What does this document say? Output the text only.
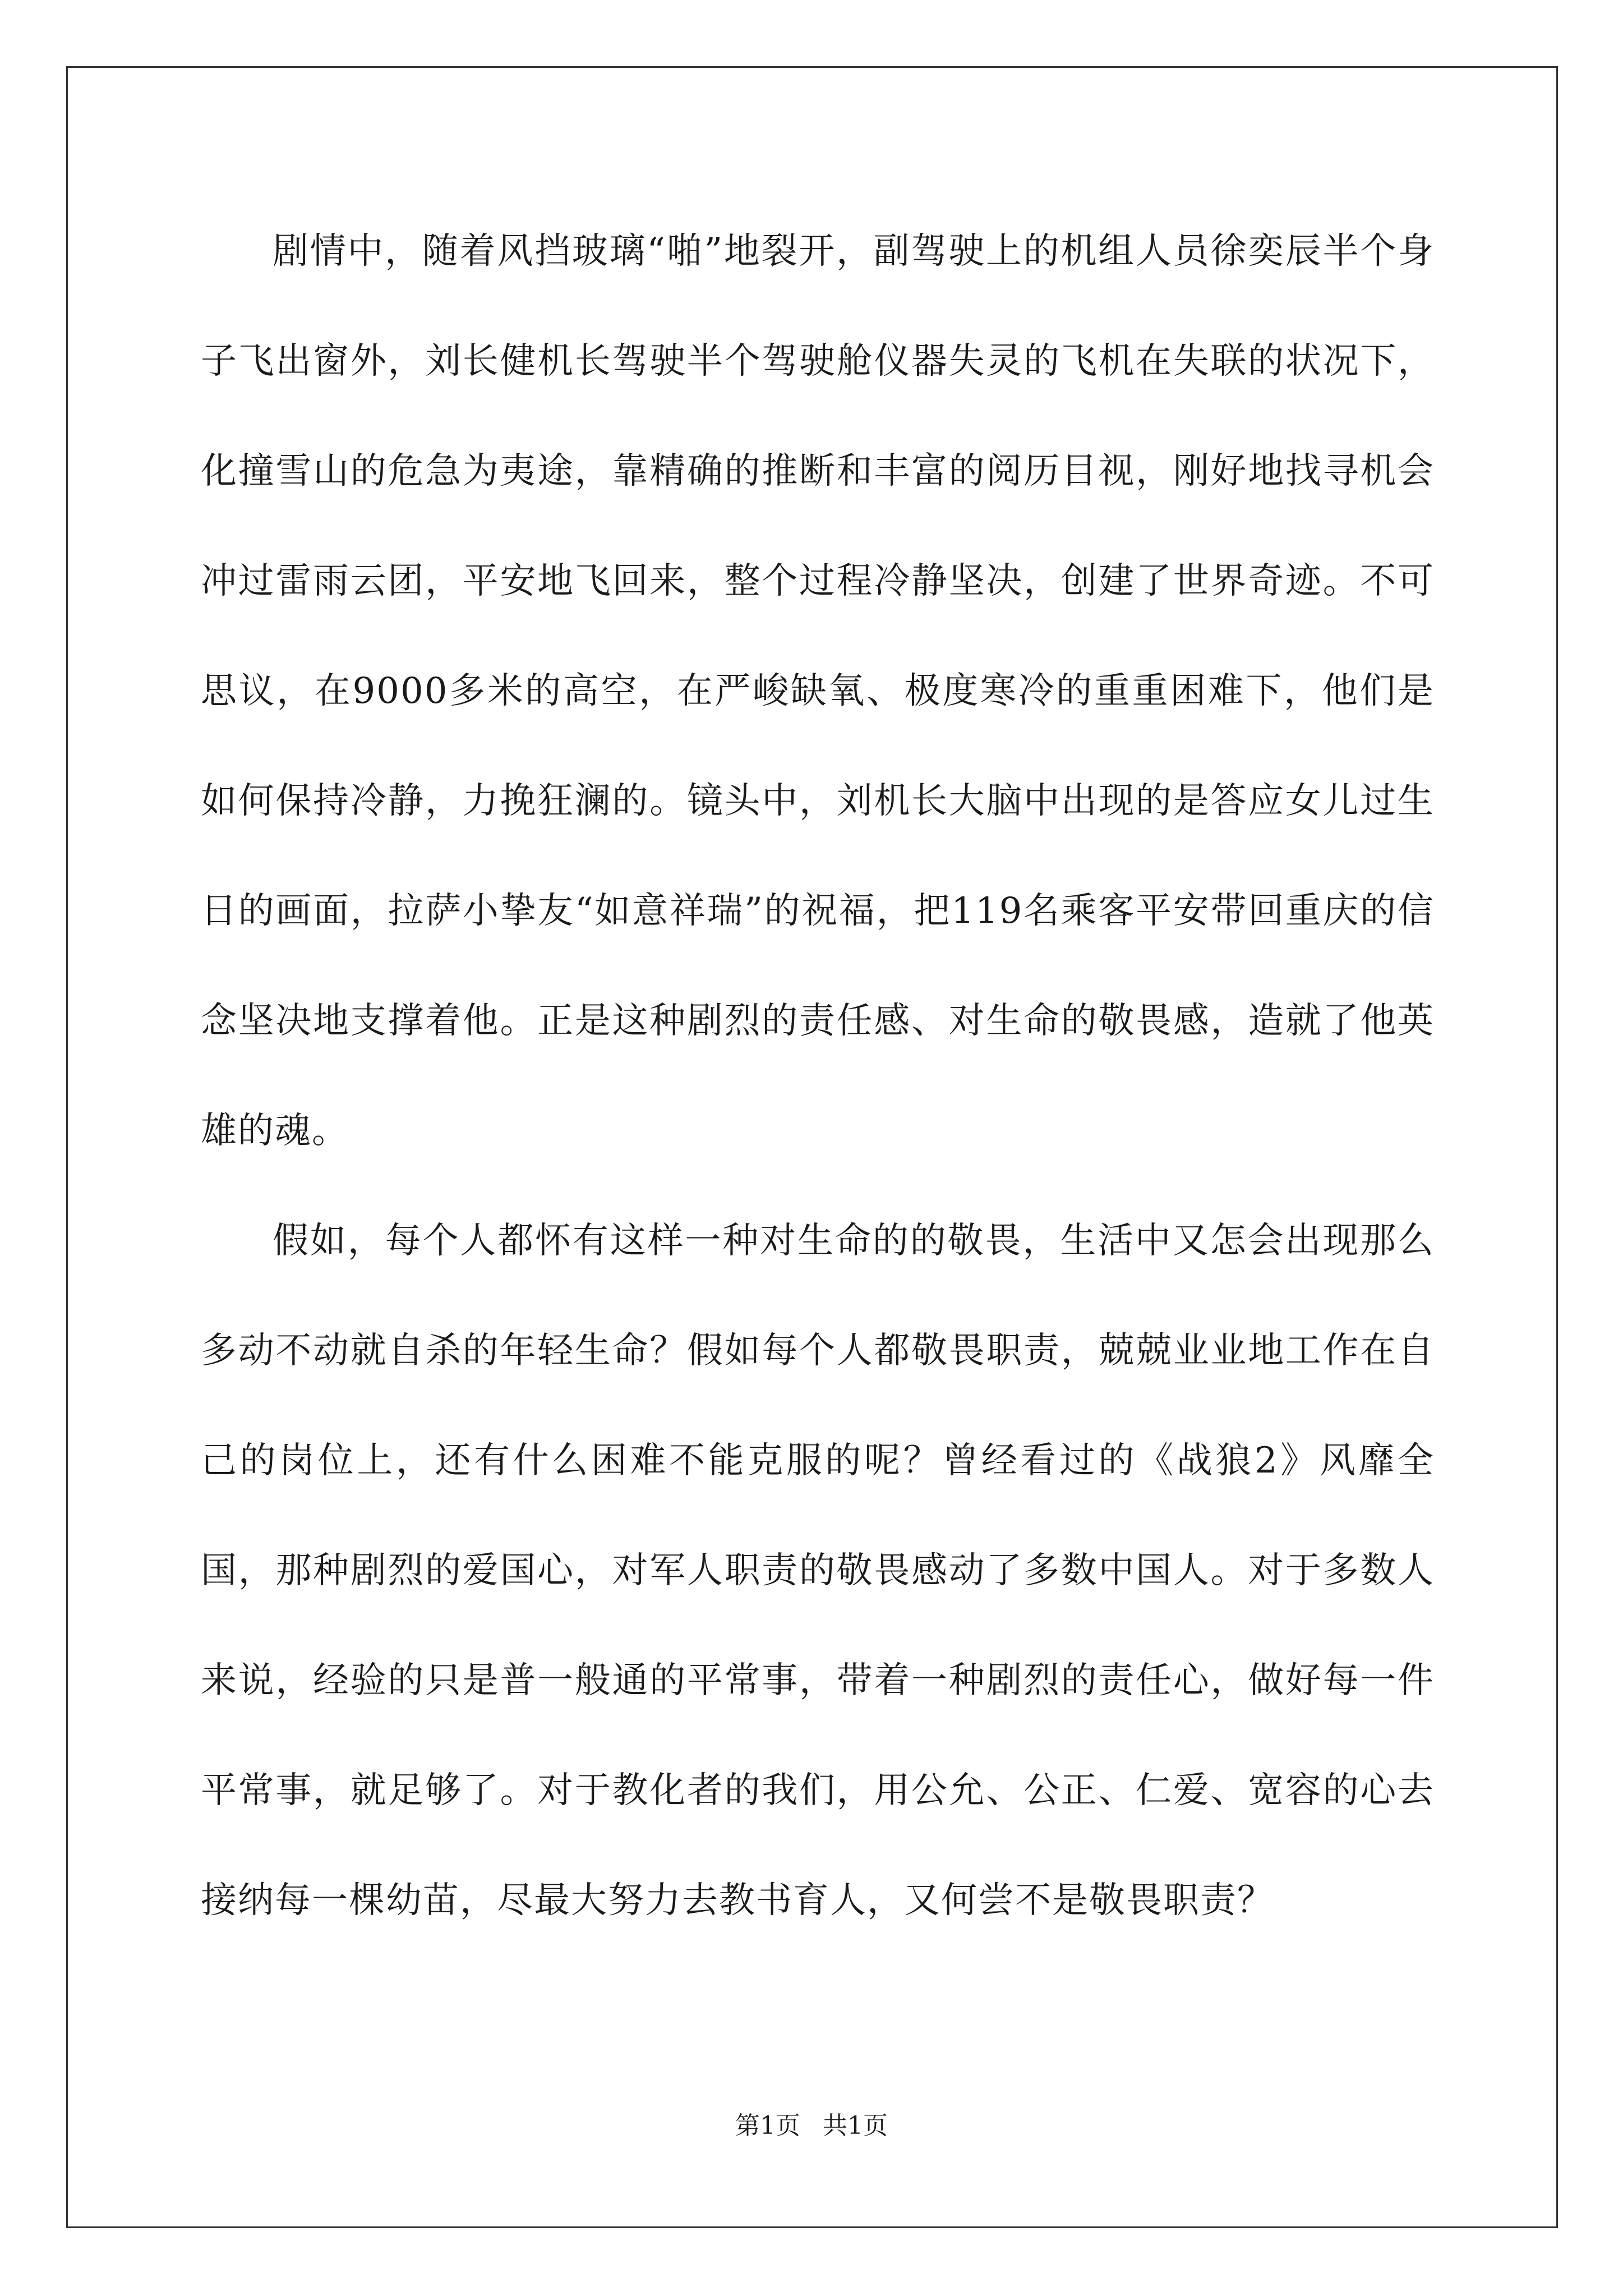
剧情中，随着风挡玻璃“啪”地裂开，副驾驶上的机组人员徐奕辰半个身子飞出窗外，刘长健机长驾驶半个驾驶舱仪器失灵的飞机在失联的状况下，化撞雪山的危急为夷途，靠精确的推断和丰富的阅历目视，刚好地找寻机会冲过雷雨云团，平安地飞回来，整个过程冷静坚决，创建了世界奇迹。不可思议，在9000多米的高空，在严峻缺氧、极度寒冷的重重困难下，他们是如何保持冷静，力挽狂澜的。镜头中，刘机长大脑中出现的是答应女儿过生日的画面，拉萨小挚友“如意祥瑞”的祝福，把119名乘客平安带回重庆的信念坚决地支撑着他。正是这种剧烈的责任感、对生命的敬畏感，造就了他英雄的魂。

假如，每个人都怀有这样一种对生命的的敬畏，生活中又怎会出现那么多动不动就自杀的年轻生命？假如每个人都敬畏职责，兢兢业业地工作在自己的岗位上，还有什么困难不能克服的呢？曾经看过的《战狼2》风靡全国，那种剧烈的爱国心，对军人职责的敬畏感动了多数中国人。对于多数人来说，经验的只是普一般通的平常事，带着一种剧烈的责任心，做好每一件平常事，就足够了。对于教化者的我们，用公允、公正、仁爱、宽容的心去接纳每一棵幼苗，尽最大努力去教书育人，又何尝不是敬畏职责？

第1页 共1页
